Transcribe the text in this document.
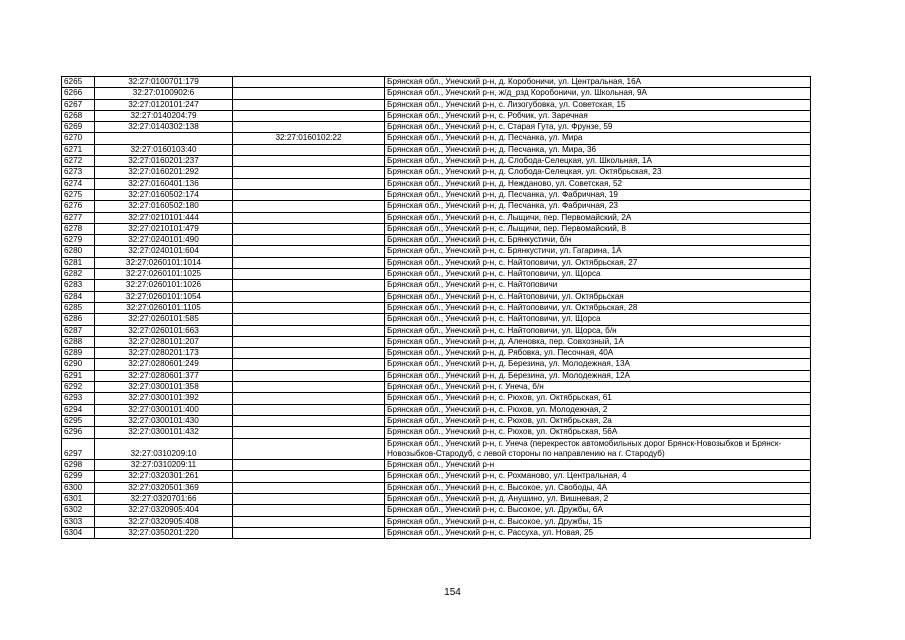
6265	32:27:0100701:179		Брянская обл., Унечский р-н, д. Коробоничи, ул. Центральная, 16А
6266	32:27:0100902:6		Брянская обл., Унечский р-н, ж/д_рзд Коробоничи, ул. Школьная, 9А
6267	32:27:0120101:247		Брянская обл., Унечский р-н, с. Лизогубовка, ул. Советская, 15
6268	32:27:0140204:79		Брянская обл., Унечский р-н, с. Робчик, ул. Заречная
6269	32:27:0140302:138		Брянская обл., Унечский р-н, с. Старая Гута, ул. Фрунзе, 59
6270		32:27:0160102:22	Брянская обл., Унечский р-н, д. Песчанка, ул. Мира
6271	32:27:0160103:40		Брянская обл., Унечский р-н, д. Песчанка, ул. Мира, 36
6272	32:27:0160201:237		Брянская обл., Унечский р-н, д. Слобода-Селецкая, ул. Школьная, 1А
6273	32:27:0160201:292		Брянская обл., Унечский р-н, д. Слобода-Селецкая, ул. Октябрьская, 23
6274	32:27:0160401:136		Брянская обл., Унечский р-н, д. Нежданово, ул. Советская, 52
6275	32:27:0160502:174		Брянская обл., Унечский р-н, д. Песчанка, ул. Фабричная, 19
6276	32:27:0160502:180		Брянская обл., Унечский р-н, д. Песчанка, ул. Фабричная, 23
6277	32:27:0210101:444		Брянская обл., Унечский р-н, с. Лыщичи, пер. Первомайский, 2А
6278	32:27:0210101:479		Брянская обл., Унечский р-н, с. Лыщичи, пер. Первомайский, 8
6279	32:27:0240101:490		Брянская обл., Унечский р-н, с. Брянкустичи, б/н
6280	32:27:0240101:604		Брянская обл., Унечский р-н, с. Брянкустичи, ул. Гагарина, 1А
6281	32:27:0260101:1014		Брянская обл., Унечский р-н, с. Найтоповичи, ул. Октябрьская, 27
6282	32:27:0260101:1025		Брянская обл., Унечский р-н, с. Найтоповичи, ул. Щорса
6283	32:27:0260101:1026		Брянская обл., Унечский р-н, с. Найтоповичи
6284	32:27:0260101:1054		Брянская обл., Унечский р-н, с. Найтоповичи, ул. Октябрьская
6285	32:27:0260101:1105		Брянская обл., Унечский р-н, с. Найтоповичи, ул. Октябрьская, 28
6286	32:27:0260101:585		Брянская обл., Унечский р-н, с. Найтоповичи, ул. Щорса
6287	32:27:0260101:663		Брянская обл., Унечский р-н, с. Найтоповичи, ул. Щорса, б/н
6288	32:27:0280101:207		Брянская обл., Унечский р-н, д. Аленовка, пер. Совхозный, 1А
6289	32:27:0280201:173		Брянская обл., Унечский р-н, д. Рябовка, ул. Песочная, 40А
6290	32:27:0280601:249		Брянская обл., Унечский р-н, д. Березина, ул. Молодежная, 13А
6291	32:27:0280601:377		Брянская обл., Унечский р-н, д. Березина, ул. Молодежная, 12А
6292	32:27:0300101:358		Брянская обл., Унечский р-н, г. Унеча, б/н
6293	32:27:0300101:392		Брянская обл., Унечский р-н, с. Рюхов, ул. Октябрьская, 61
6294	32:27:0300101:400		Брянская обл., Унечский р-н, с. Рюхов, ул. Молодежная, 2
6295	32:27:0300101:430		Брянская обл., Унечский р-н, с. Рюхов, ул. Октябрьская, 2а
6296	32:27:0300101:432		Брянская обл., Унечский р-н, с. Рюхов, ул. Октябрьская, 56А
6297	32:27:0310209:10		Брянская обл., Унечский р-н, г. Унеча (перекресток автомобильных дорог Брянск-Новозыбков и Брянск-Новозыбков-Стародуб, с левой стороны по направлению на г. Стародуб)
6298	32:27:0310209:11		Брянская обл., Унечский р-н
6299	32:27:0320301:261		Брянская обл., Унечский р-н, с. Рохманово, ул. Центральная, 4
6300	32:27:0320501:369		Брянская обл., Унечский р-н, с. Высокое, ул. Свободы, 4А
6301	32:27:0320701:66		Брянская обл., Унечский р-н, д. Анушино, ул. Вишневая, 2
6302	32:27:0320905:404		Брянская обл., Унечский р-н, с. Высокое, ул. Дружбы, 6А
6303	32:27:0320905:408		Брянская обл., Унечский р-н, с. Высокое, ул. Дружбы, 15
6304	32:27:0350201:220		Брянская обл., Унечский р-н, с. Рассуха, ул. Новая, 25
154
